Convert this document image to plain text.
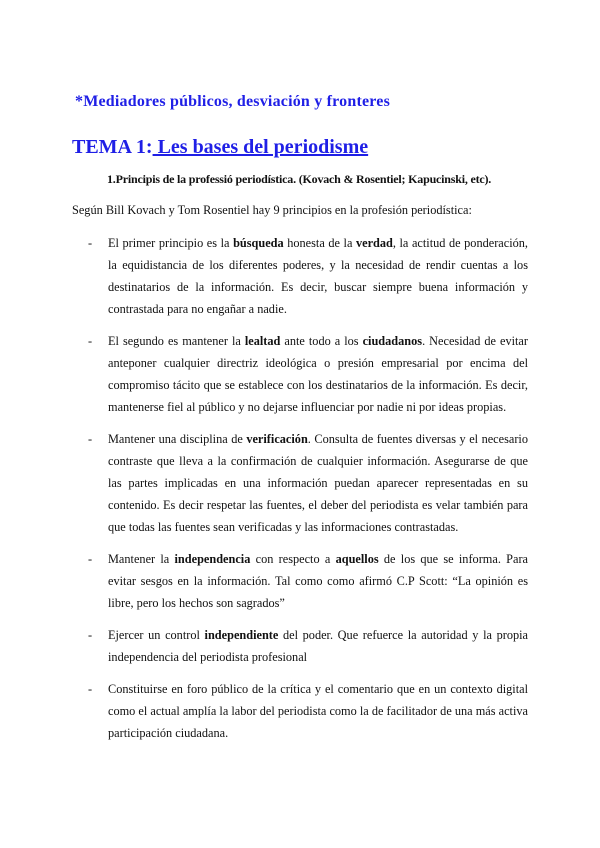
*Mediadores públicos, desviación y fronteres
TEMA 1: Les bases del periodisme
1.Principis de la professió periodística. (Kovach & Rosentiel; Kapucinski, etc).
Según Bill Kovach y Tom Rosentiel hay 9 principios en la profesión periodística:
- El primer principio es la búsqueda honesta de la verdad, la actitud de ponderación, la equidistancia de los diferentes poderes, y la necesidad de rendir cuentas a los destinatarios de la información. Es decir, buscar siempre buena información y contrastada para no engañar a nadie.
- El segundo es mantener la lealtad ante todo a los ciudadanos. Necesidad de evitar anteponer cualquier directriz ideológica o presión empresarial por encima del compromiso tácito que se establece con los destinatarios de la información. Es decir, mantenerse fiel al público y no dejarse influenciar por nadie ni por ideas propias.
- Mantener una disciplina de verificación. Consulta de fuentes diversas y el necesario contraste que lleva a la confirmación de cualquier información. Asegurarse de que las partes implicadas en una información puedan aparecer representadas en su contenido. Es decir respetar las fuentes, el deber del periodista es velar también para que todas las fuentes sean verificadas y las informaciones contrastadas.
- Mantener la independencia con respecto a aquellos de los que se informa. Para evitar sesgos en la información. Tal como como afirmó C.P Scott: “La opinión es libre, pero los hechos son sagrados”
- Ejercer un control independiente del poder. Que refuerce la autoridad y la propia independencia del periodista profesional
- Constituirse en foro público de la crítica y el comentario que en un contexto digital como el actual amplía la labor del periodista como la de facilitador de una más activa participación ciudadana.
